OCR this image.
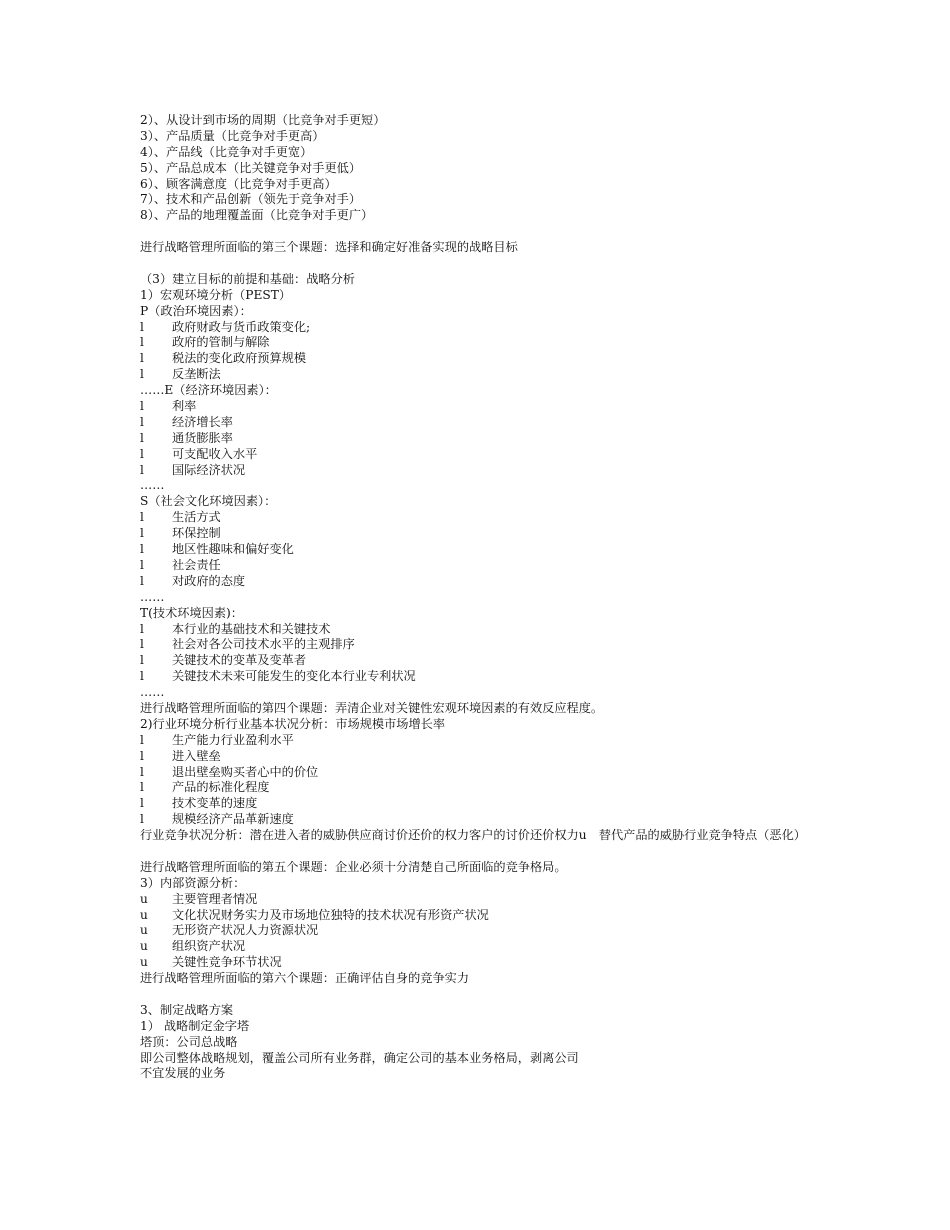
2）、从设计到市场的周期（比竞争对手更短）
3）、产品质量（比竞争对手更高）
4）、产品线（比竞争对手更宽）
5）、产品总成本（比关键竞争对手更低）
6）、顾客满意度（比竞争对手更高）
7）、技术和产品创新（领先于竞争对手）
8）、产品的地理覆盖面（比竞争对手更广）
进行战略管理所面临的第三个课题：选择和确定好准备实现的战略目标
（3）建立目标的前提和基础：战略分析
1）宏观环境分析（PEST）
P（政治环境因素）：
l	政府财政与货币政策变化;
l	政府的管制与解除
l	税法的变化政府预算规模
l	反垄断法
……E（经济环境因素）：
l	利率
l	经济增长率
l	通货膨胀率
l	可支配收入水平
l	国际经济状况
……
S（社会文化环境因素）：
l	生活方式
l	环保控制
l	地区性趣味和偏好变化
l	社会责任
l	对政府的态度
……
T(技术环境因素)：
l	本行业的基础技术和关键技术
l	社会对各公司技术水平的主观排序
l	关键技术的变革及变革者
l	关键技术未来可能发生的变化本行业专利状况
……
进行战略管理所面临的第四个课题：弄清企业对关键性宏观环境因素的有效反应程度。
2)行业环境分析行业基本状况分析：市场规模市场增长率
l	生产能力行业盈利水平
l	进入壁垒
l	退出壁垒购买者心中的价位
l	产品的标准化程度
l	技术变革的速度
l	规模经济产品革新速度
行业竞争状况分析：潜在进入者的威胁供应商讨价还价的权力客户的讨价还价权力u　替代产品的威胁行业竞争特点（恶化）
进行战略管理所面临的第五个课题：企业必须十分清楚自己所面临的竞争格局。
3）内部资源分析：
u	主要管理者情况
u	文化状况财务实力及市场地位独特的技术状况有形资产状况
u	无形资产状况人力资源状况
u	组织资产状况
u	关键性竞争环节状况
进行战略管理所面临的第六个课题：正确评估自身的竞争实力
3、制定战略方案
1） 战略制定金字塔
塔顶：公司总战略
即公司整体战略规划，覆盖公司所有业务群，确定公司的基本业务格局，剥离公司
不宜发展的业务
